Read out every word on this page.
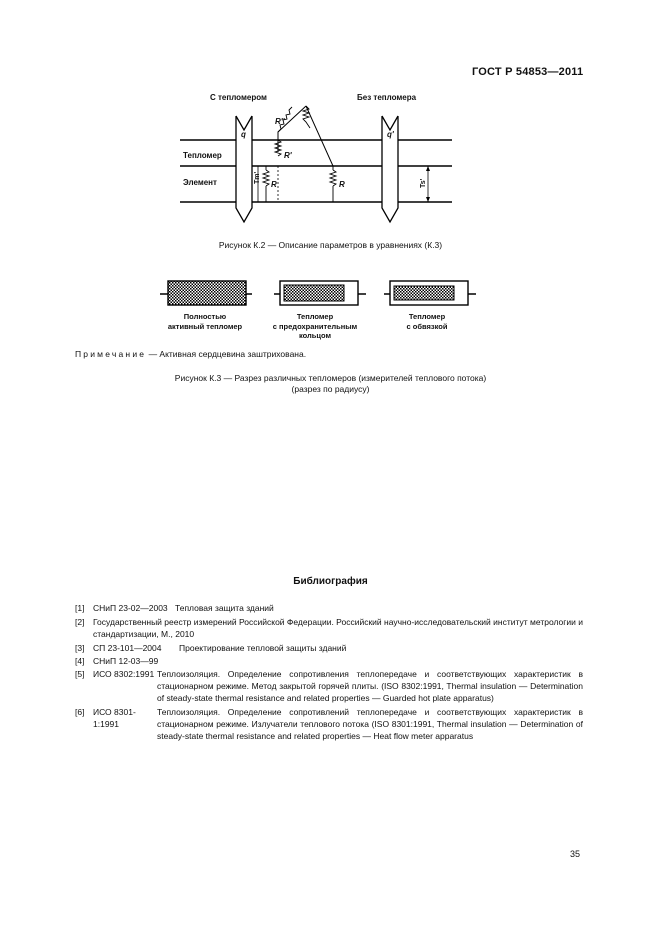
ГОСТ Р 54853—2011
С тепломером	Без тепломера
Тепломер
Элемент
q	q'
R''
R'
R	R
Tm'	Ts'
Рисунок К.2 — Описание параметров в уравнениях (К.3)
Полностью
активный тепломер
Тепломер
с предохранительным
кольцом
Тепломер
с обвязкой
Примечание — Активная сердцевина заштрихована.
Рисунок К.3 — Разрез различных тепломеров (измерителей теплового потока)
(разрез по радиусу)
Библиография
[1]	СНиП 23-02—2003 Тепловая защита зданий
[2]	Государственный реестр измерений Российской Федерации. Российский научно-исследовательский институт метрологии и стандартизации, М., 2010
[3]	СП 23-101—2004	Проектирование тепловой защиты зданий
[4]	СНиП 12-03—99
[5]	ИСО 8302:1991 Теплоизоляция. Определение сопротивления теплопередаче и соответствующих характеристик в стационарном режиме. Метод закрытой горячей плиты. (ISO 8302:1991, Thermal insulation — Determination of steady-state thermal resistance and related properties — Guarded hot plate apparatus)
[6]	ИСО 8301-1:1991
Теплоизоляция. Определение сопротивлений теплопередаче и соответствующих характеристик в стационарном режиме. Излучатели теплового потока (ISO 8301:1991, Thermal insulation — Determination of steady-state thermal resistance and related properties — Heat flow meter apparatus
35
